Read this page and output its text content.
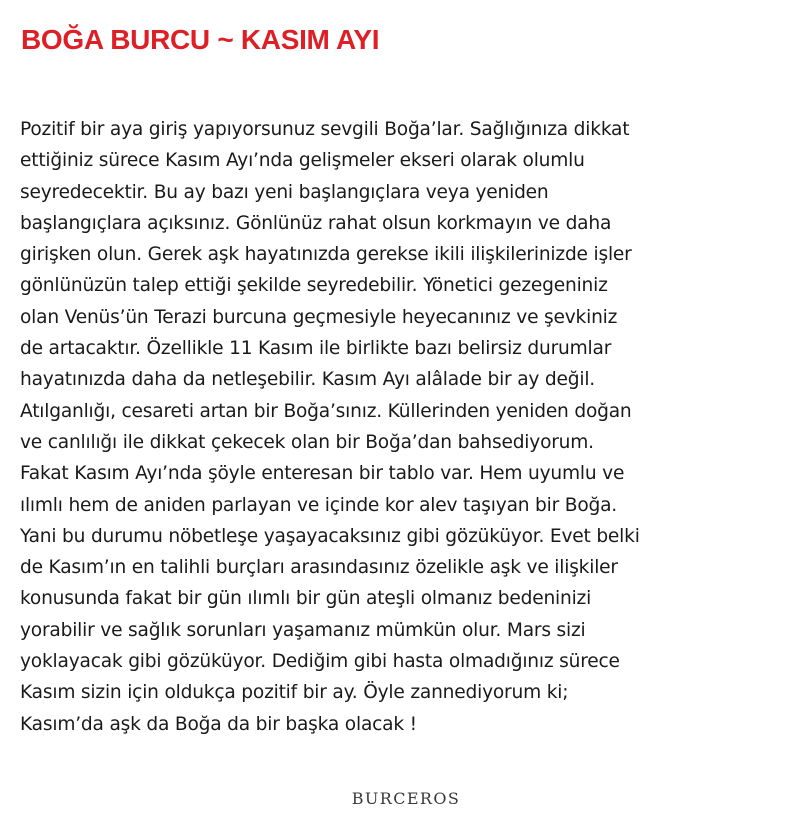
BOĞA BURCU ~ KASIM AYI
Pozitif bir aya giriş yapıyorsunuz sevgili Boğa’lar. Sağlığınıza dikkat
ettiğiniz sürece Kasım Ayı’nda gelişmeler ekseri olarak olumlu
seyredecektir. Bu ay bazı yeni başlangıçlara veya yeniden
başlangıçlara açıksınız. Gönlünüz rahat olsun korkmayın ve daha
girişken olun. Gerek aşk hayatınızda gerekse ikili ilişkilerinizde işler
gönlünüzün talep ettiği şekilde seyredebilir. Yönetici gezegeniniz
olan Venüs’ün Terazi burcuna geçmesiyle heyecanınız ve şevkiniz
de artacaktır. Özellikle 11 Kasım ile birlikte bazı belirsiz durumlar
hayatınızda daha da netleşebilir. Kasım Ayı alâlade bir ay değil.
Atılganlığı, cesareti artan bir Boğa’sınız. Küllerinden yeniden doğan
ve canlılığı ile dikkat çekecek olan bir Boğa’dan bahsediyorum.
Fakat Kasım Ayı’nda şöyle enteresan bir tablo var. Hem uyumlu ve
ılımlı hem de aniden parlayan ve içinde kor alev taşıyan bir Boğa.
Yani bu durumu nöbetleşe yaşayacaksınız gibi gözüküyor. Evet belki
de Kasım’ın en talihli burçları arasındasınız özelikle aşk ve ilişkiler
konusunda fakat bir gün ılımlı bir gün ateşli olmanız bedeninizi
yorabilir ve sağlık sorunları yaşamanız mümkün olur. Mars sizi
yoklayacak gibi gözüküyor. Dediğim gibi hasta olmadığınız sürece
Kasım sizin için oldukça pozitif bir ay. Öyle zannediyorum ki;
Kasım’da aşk da Boğa da bir başka olacak !
BURCEROS
